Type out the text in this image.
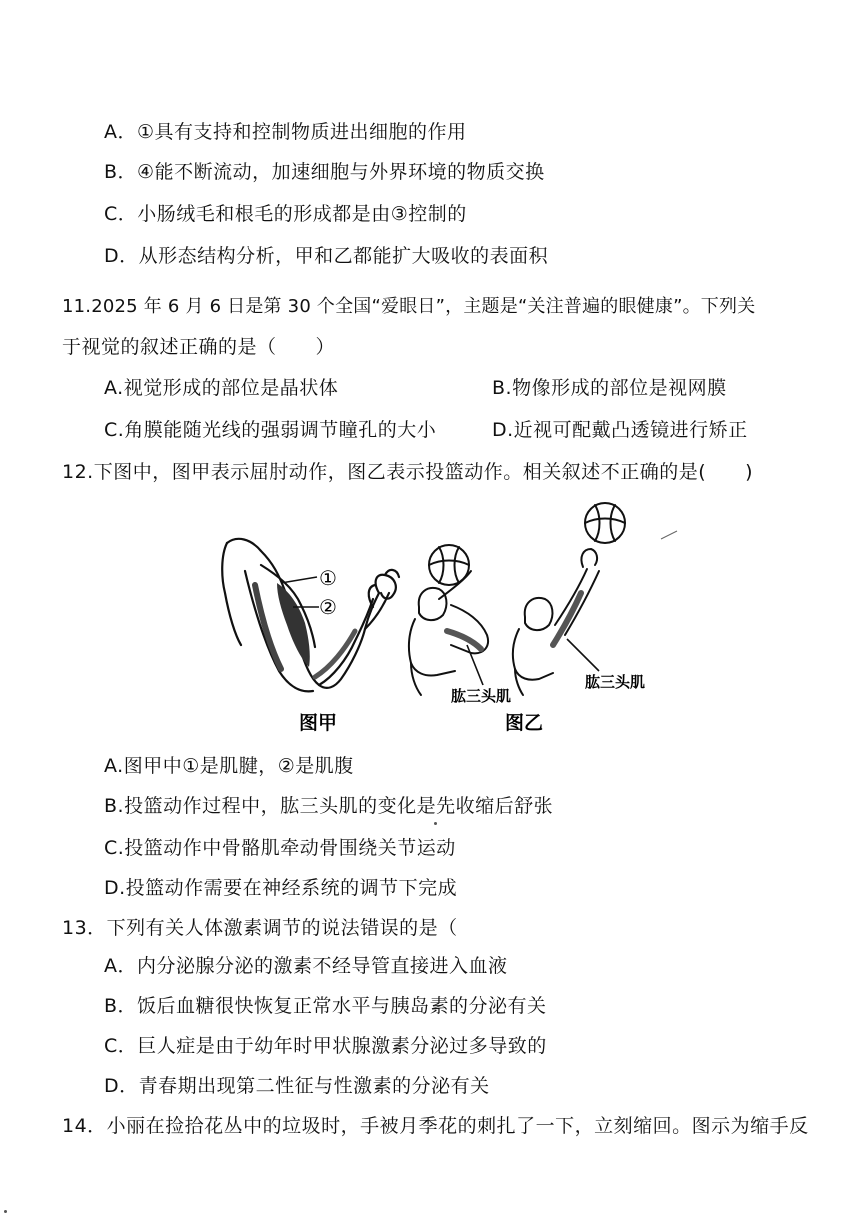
A．①具有支持和控制物质进出细胞的作用
B．④能不断流动，加速细胞与外界环境的物质交换
C．小肠绒毛和根毛的形成都是由③控制的
D．从形态结构分析，甲和乙都能扩大吸收的表面积
11.2025 年 6 月 6 日是第 30 个全国“爱眼日”，主题是“关注普遍的眼健康”。下列关
于视觉的叙述正确的是（　　）
A.视觉形成的部位是晶状体	B.物像形成的部位是视网膜
C.角膜能随光线的强弱调节瞳孔的大小	D.近视可配戴凸透镜进行矫正
12.下图中，图甲表示屈肘动作，图乙表示投篮动作。相关叙述不正确的是(　　)
①
②
肱三头肌
肱三头肌
图甲	图乙
A.图甲中①是肌腱，②是肌腹
B.投篮动作过程中，肱三头肌的变化是先收缩后舒张
C.投篮动作中骨骼肌牵动骨围绕关节运动
D.投篮动作需要在神经系统的调节下完成
13．下列有关人体激素调节的说法错误的是（
A．内分泌腺分泌的激素不经导管直接进入血液
B．饭后血糖很快恢复正常水平与胰岛素的分泌有关
C．巨人症是由于幼年时甲状腺激素分泌过多导致的
D．青春期出现第二性征与性激素的分泌有关
14．小丽在捡拾花丛中的垃圾时，手被月季花的刺扎了一下，立刻缩回。图示为缩手反
